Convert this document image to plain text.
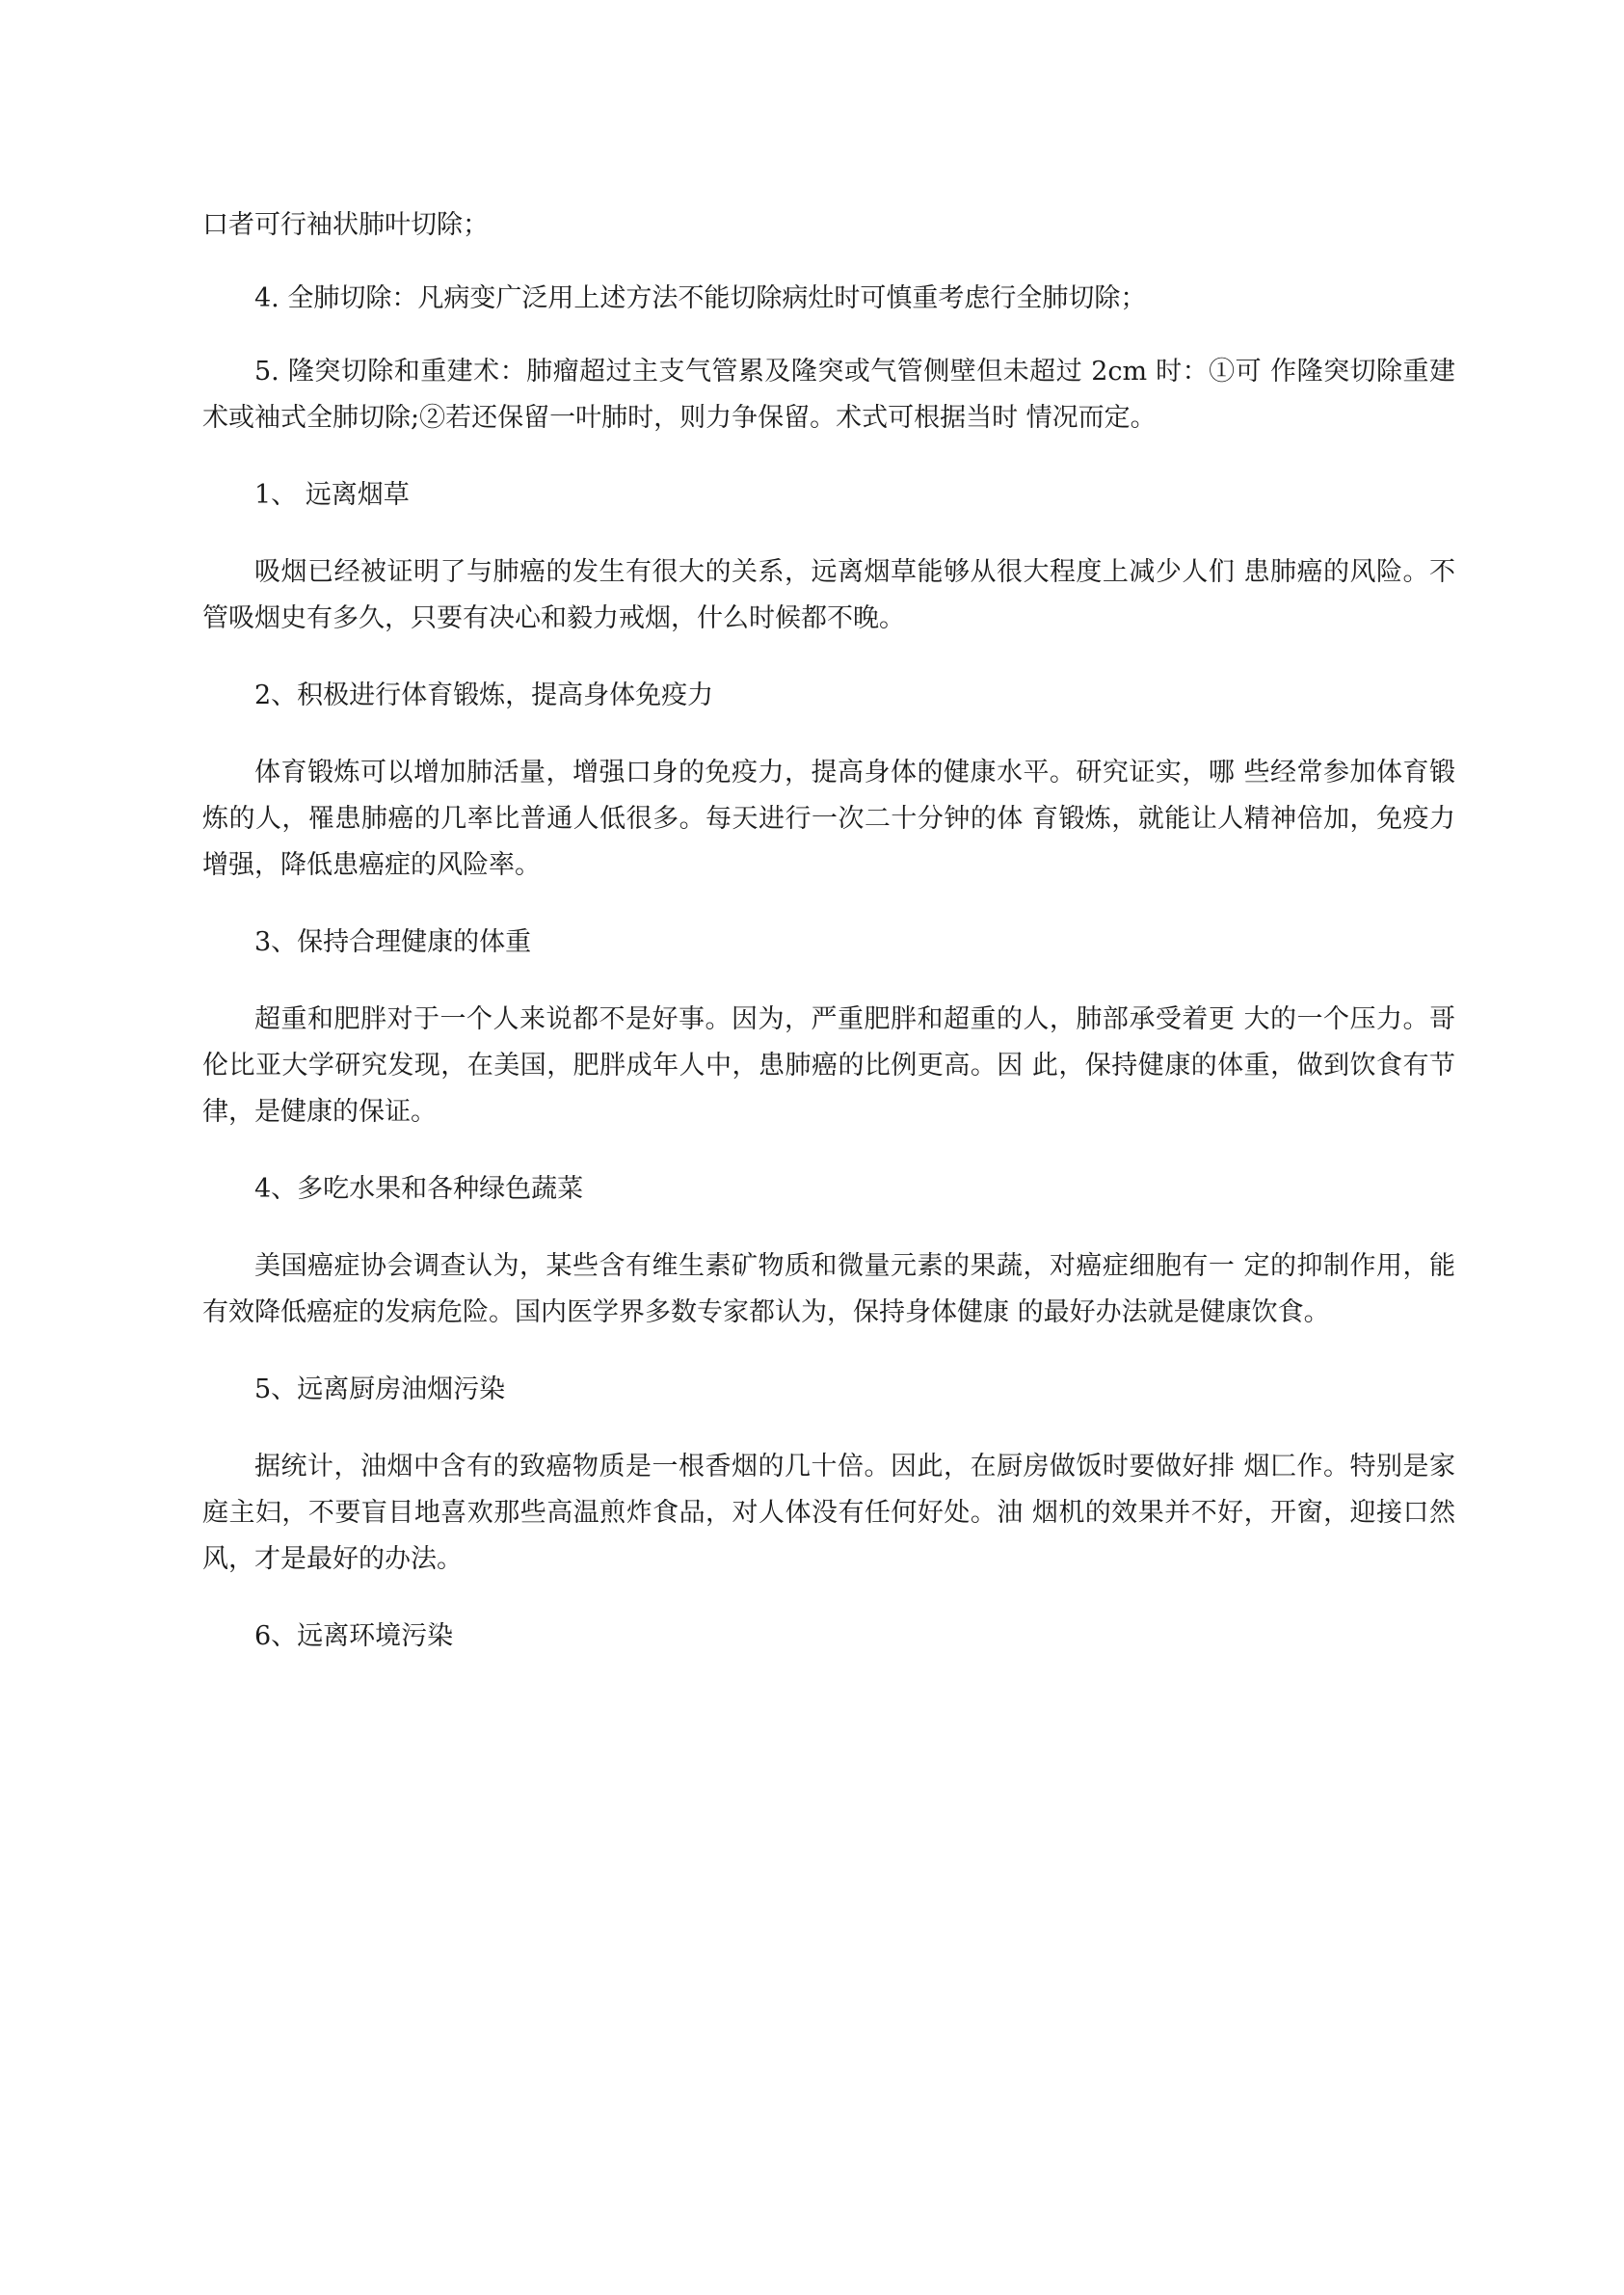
口者可行袖状肺叶切除；

4. 全肺切除：凡病变广泛用上述方法不能切除病灶时可慎重考虑行全肺切除；

5. 隆突切除和重建术：肺瘤超过主支气管累及隆突或气管侧壁但未超过 2cm 时：①可 作隆突切除重建术或袖式全肺切除;②若还保留一叶肺时，则力争保留。术式可根据当时 情况而定。

1、 远离烟草

吸烟已经被证明了与肺癌的发生有很大的关系，远离烟草能够从很大程度上减少人们 患肺癌的风险。不管吸烟史有多久，只要有决心和毅力戒烟，什么时候都不晚。

2、积极进行体育锻炼，提高身体免疫力

体育锻炼可以增加肺活量，增强口身的免疫力，提高身体的健康水平。研究证实，哪 些经常参加体育锻炼的人，罹患肺癌的几率比普通人低很多。每天进行一次二十分钟的体 育锻炼，就能让人精神倍加，免疫力增强，降低患癌症的风险率。

3、保持合理健康的体重

超重和肥胖对于一个人来说都不是好事。因为，严重肥胖和超重的人，肺部承受着更 大的一个压力。哥伦比亚大学研究发现，在美国，肥胖成年人中，患肺癌的比例更高。因 此，保持健康的体重，做到饮食有节律，是健康的保证。

4、多吃水果和各种绿色蔬菜

美国癌症协会调查认为，某些含有维生素矿物质和微量元素的果蔬，对癌症细胞有一 定的抑制作用，能有效降低癌症的发病危险。国内医学界多数专家都认为，保持身体健康 的最好办法就是健康饮食。

5、远离厨房油烟污染

据统计，油烟中含有的致癌物质是一根香烟的几十倍。因此，在厨房做饭时要做好排 烟匚作。特别是家庭主妇，不要盲目地喜欢那些高温煎炸食品，对人体没有任何好处。油 烟机的效果并不好，开窗，迎接口然风，才是最好的办法。

6、远离环境污染
